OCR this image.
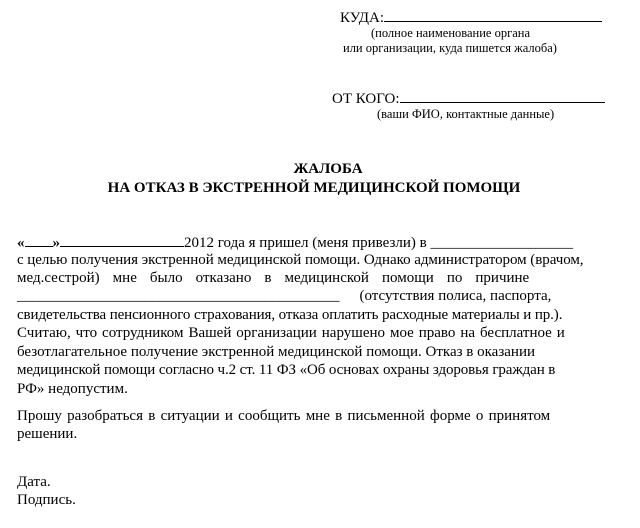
КУДА:
(полное наименование органа
или организации, куда пишется жалоба)
ОТ КОГО:
(ваши ФИО, контактные данные)
ЖАЛОБА
НА ОТКАЗ В ЭКСТРЕННОЙ МЕДИЦИНСКОЙ ПОМОЩИ
« »	2012 года я пришел (меня привезли) в ___________________
с целью получения экстренной медицинской помощи. Однако администратором (врачом,
мед.сестрой) мне было отказано в медицинской помощи по причине
___________________________________________ (отсутствия полиса, паспорта,
свидетельства пенсионного страхования, отказа оплатить расходные материалы и пр.).
Считаю, что сотрудником Вашей организации нарушено мое право на бесплатное и
безотлагательное получение экстренной медицинской помощи. Отказ в оказании
медицинской помощи согласно ч.2 ст. 11 ФЗ «Об основах охраны здоровья граждан в
РФ» недопустим.
Прошу разобраться в ситуации и сообщить мне в письменной форме о принятом
решении.
Дата.
Подпись.
